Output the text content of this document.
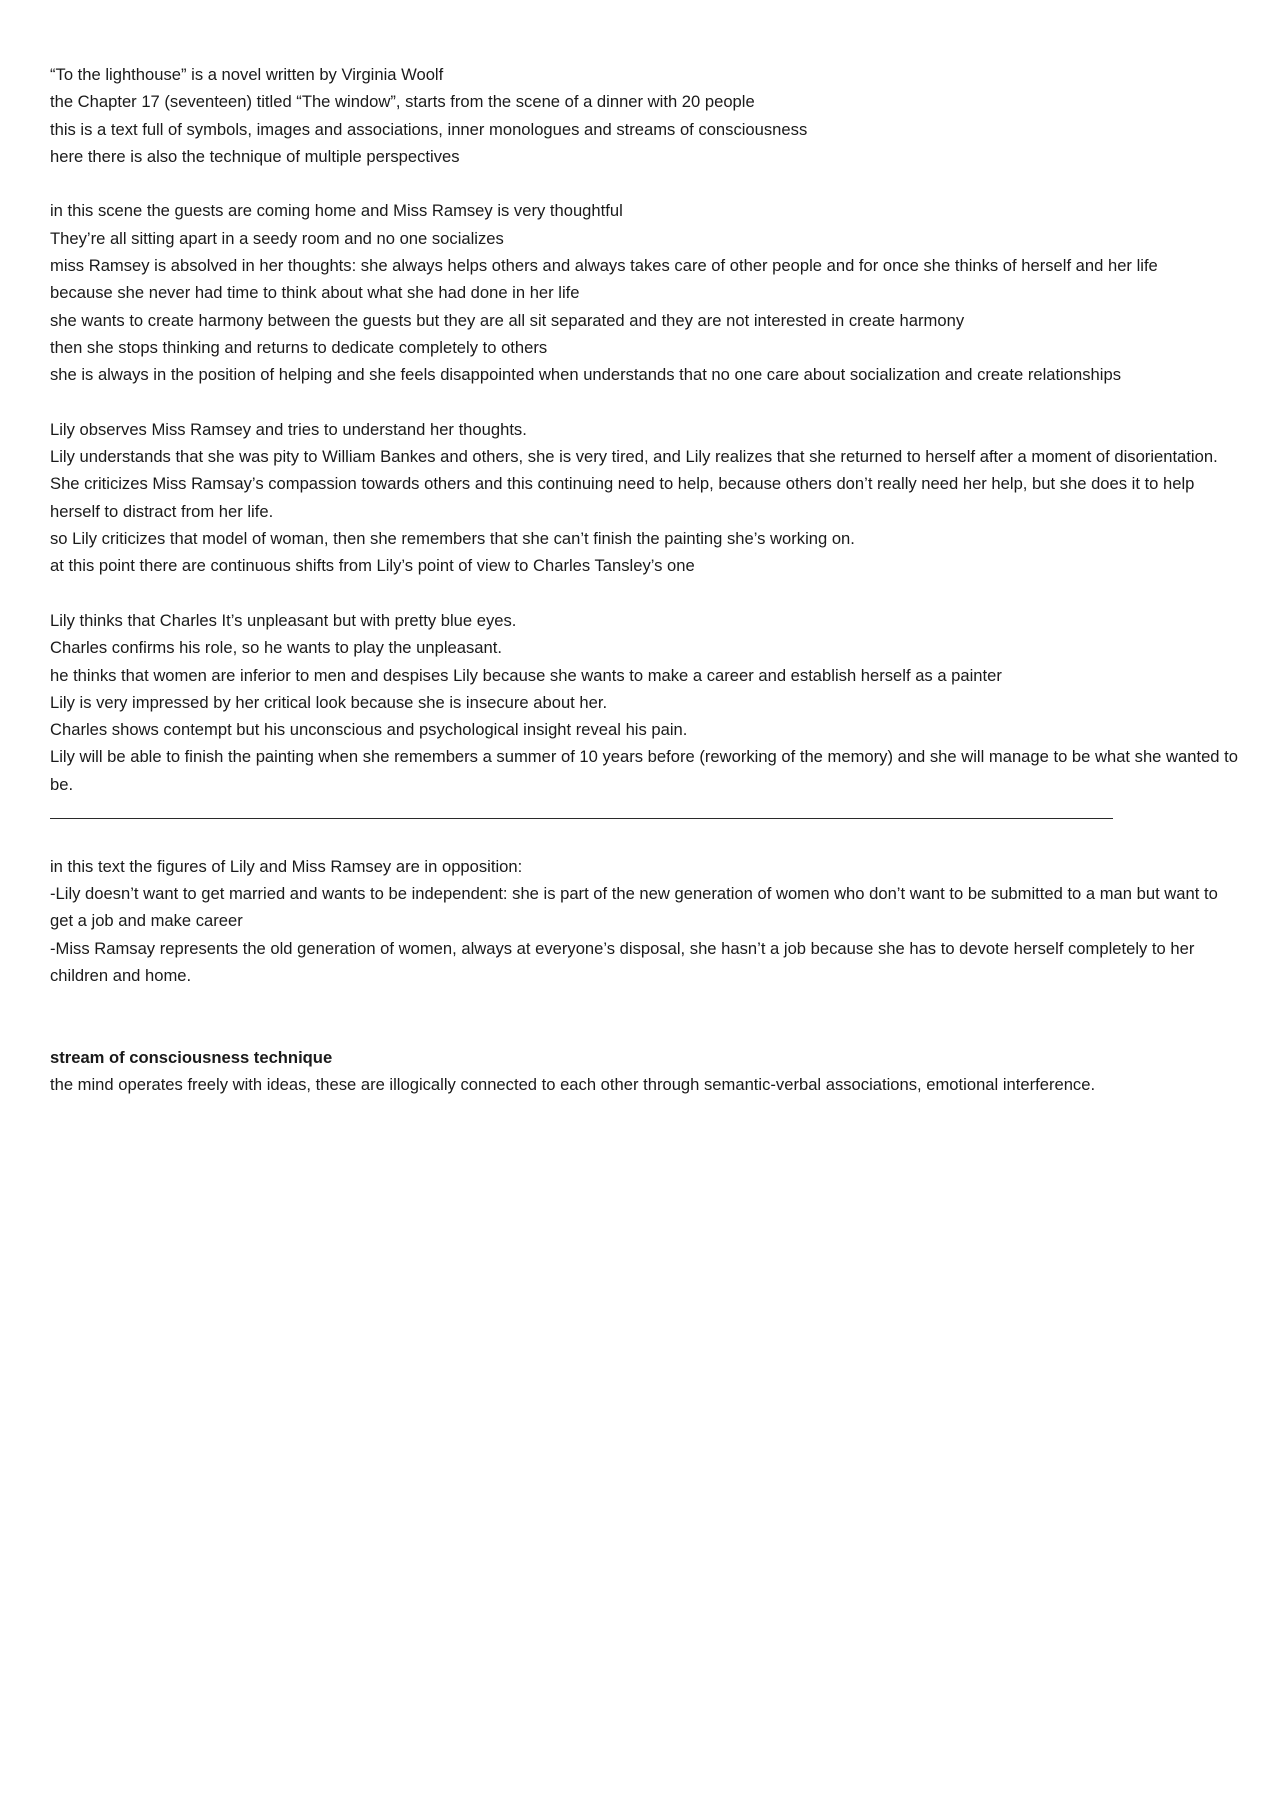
“To the lighthouse” is a novel written by Virginia Woolf
the Chapter 17 (seventeen) titled “The window”, starts from the scene of a dinner with 20 people
this is a text full of symbols, images and associations, inner monologues and streams of consciousness
here there is also the technique of multiple perspectives
in this scene the guests are coming home and Miss Ramsey is very thoughtful
They’re all sitting apart in a seedy room and no one socializes
miss Ramsey is absolved in her thoughts: she always helps others and always takes care of other people and for once she thinks of herself and her life
because she never had time to think about what she had done in her life
she wants to create harmony between the guests but they are all sit separated and they are not interested in create harmony
then she stops thinking and returns to dedicate completely to others
she is always in the position of helping and she feels disappointed when understands that no one care about socialization and create relationships
Lily observes Miss Ramsey and tries to understand her thoughts.
Lily understands that she was pity to William Bankes and others, she is very tired, and Lily realizes that she returned to herself after a moment of disorientation.
She criticizes Miss Ramsay’s compassion towards others and this continuing need to help, because others don’t really need her help, but she does it to help herself to distract from her life.
so Lily criticizes that model of woman, then she remembers that she can’t finish the painting she’s working on.
at this point there are continuous shifts from Lily’s point of view to Charles Tansley’s one
Lily thinks that Charles It’s unpleasant but with pretty blue eyes.
Charles confirms his role, so he wants to play the unpleasant.
he thinks that women are inferior to men and despises Lily because she wants to make a career and establish herself as a painter
Lily is very impressed by her critical look because she is insecure about her.
Charles shows contempt but his unconscious and psychological insight reveal his pain.
Lily will be able to finish the painting when she remembers a summer of 10 years before (reworking of the memory) and she will manage to be what she wanted to be.
in this text the figures of Lily and Miss Ramsey are in opposition:
-Lily doesn’t want to get married and wants to be independent: she is part of the new generation of women who don’t want to be submitted to a man but want to get a job and make career
-Miss Ramsay represents the old generation of women, always at everyone’s disposal, she hasn’t a job because she has to devote herself completely to her children and home.
stream of consciousness technique
the mind operates freely with ideas, these are illogically connected to each other through semantic-verbal associations, emotional interference.
